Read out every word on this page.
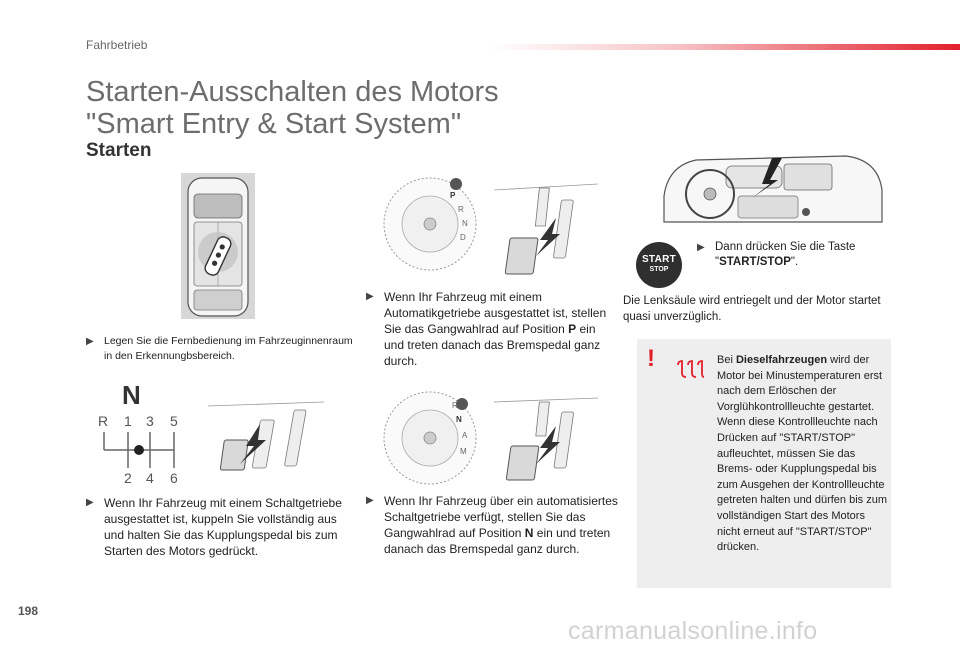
Fahrbetrieb
Starten-Ausschalten des Motors
"Smart Entry & Start System"
Starten
▶ Legen Sie die Fernbedienung im Fahrzeuginnenraum in den Erkennungbsbereich.
P
R
N
D
▶ Wenn Ihr Fahrzeug mit einem Automatikgetriebe ausgestattet ist, stellen Sie das Gangwahlrad auf Position P ein und treten danach das Bremspedal ganz durch.
START
STOP
▶ Dann drücken Sie die Taste "START/STOP".
Die Lenksäule wird entriegelt und der Motor startet quasi unverzüglich.
N
R 1 3 5
2 4 6
▶ Wenn Ihr Fahrzeug mit einem Schaltgetriebe ausgestattet ist, kuppeln Sie vollständig aus und halten Sie das Kupplungspedal bis zum Starten des Motors gedrückt.
R
N
A
M
▶ Wenn Ihr Fahrzeug über ein automatisiertes Schaltgetriebe verfügt, stellen Sie das Gangwahlrad auf Position N ein und treten danach das Bremspedal ganz durch.
!	Bei Dieselfahrzeugen wird der Motor bei Minustemperaturen erst nach dem Erlöschen der Vorglühkontrollleuchte gestartet. Wenn diese Kontrollleuchte nach Drücken auf "START/STOP" aufleuchtet, müssen Sie das Brems- oder Kupplungspedal bis zum Ausgehen der Kontrollleuchte getreten halten und dürfen bis zum vollständigen Start des Motors nicht erneut auf "START/STOP" drücken.
198
carmanualsonline.info
